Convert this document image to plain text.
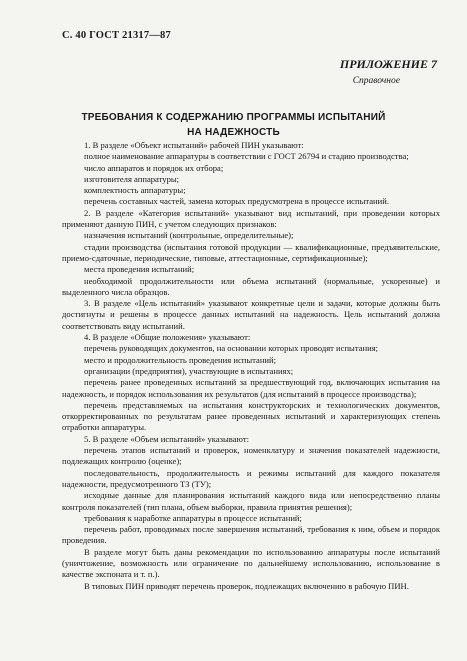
С. 40 ГОСТ 21317—87
ПРИЛОЖЕНИЕ 7
Справочное
ТРЕБОВАНИЯ К СОДЕРЖАНИЮ ПРОГРАММЫ ИСПЫТАНИЙ
НА НАДЕЖНОСТЬ

1. В разделе «Объект испытаний» рабочей ПИН указывают:

полное наименование аппаратуры в соответствии с ГОСТ 26794 и стадию производства;

число аппаратов и порядок их отбора;

изготовителя аппаратуры;

комплектность аппаратуры;

перечень составных частей, замена которых предусмотрена в процессе испытаний.

2. В разделе «Категория испытаний» указывают вид испытаний, при проведении которых применяют данную ПИН, с учетом следующих признаков:

назначения испытаний (контрольные, определительные);

стадии производства (испытания готовой продукции — квалификационные, предъявительские, приемо-сдаточные, периодические, типовые, аттестационные, сертификационные);

места проведения испытаний;

необходимой продолжительности или объема испытаний (нормальные, ускоренные) и выделенного числа образцов.

3. В разделе «Цель испытаний» указывают конкретные цели и задачи, которые должны быть достигнуты и решены в процессе данных испытаний на надежность. Цель испытаний должна соответствовать виду испытаний.

4. В разделе «Общие положения» указывают:

перечень руководящих документов, на основании которых проводят испытания;

место и продолжительность проведения испытаний;

организации (предприятия), участвующие в испытаниях;

перечень ранее проведенных испытаний за предшествующий год, включающих испытания на надежность, и порядок использования их результатов (для испытаний в процессе производства);

перечень представляемых на испытания конструкторских и технологических документов, откорректированных по результатам ранее проведенных испытаний и характеризующих степень отработки аппаратуры.

5. В разделе «Объем испытаний» указывают:

перечень этапов испытаний и проверок, номенклатуру и значения показателей надежности, подлежащих контролю (оценке);

последовательность, продолжительность и режимы испытаний для каждого показателя надежности, предусмотренного ТЗ (ТУ);

исходные данные для планирования испытаний каждого вида или непосредственно планы контроля показателей (тип плана, объем выборки, правила принятия решения);

требования к наработке аппаратуры в процессе испытаний;

перечень работ, проводимых после завершения испытаний, требования к ним, объем и порядок проведения.

В разделе могут быть даны рекомендации по использованию аппаратуры после испытаний (уничтожение, возможность или ограничение по дальнейшему использованию, использование в качестве экспоната и т. п.).

В типовых ПИН приводят перечень проверок, подлежащих включению в рабочую ПИН.
